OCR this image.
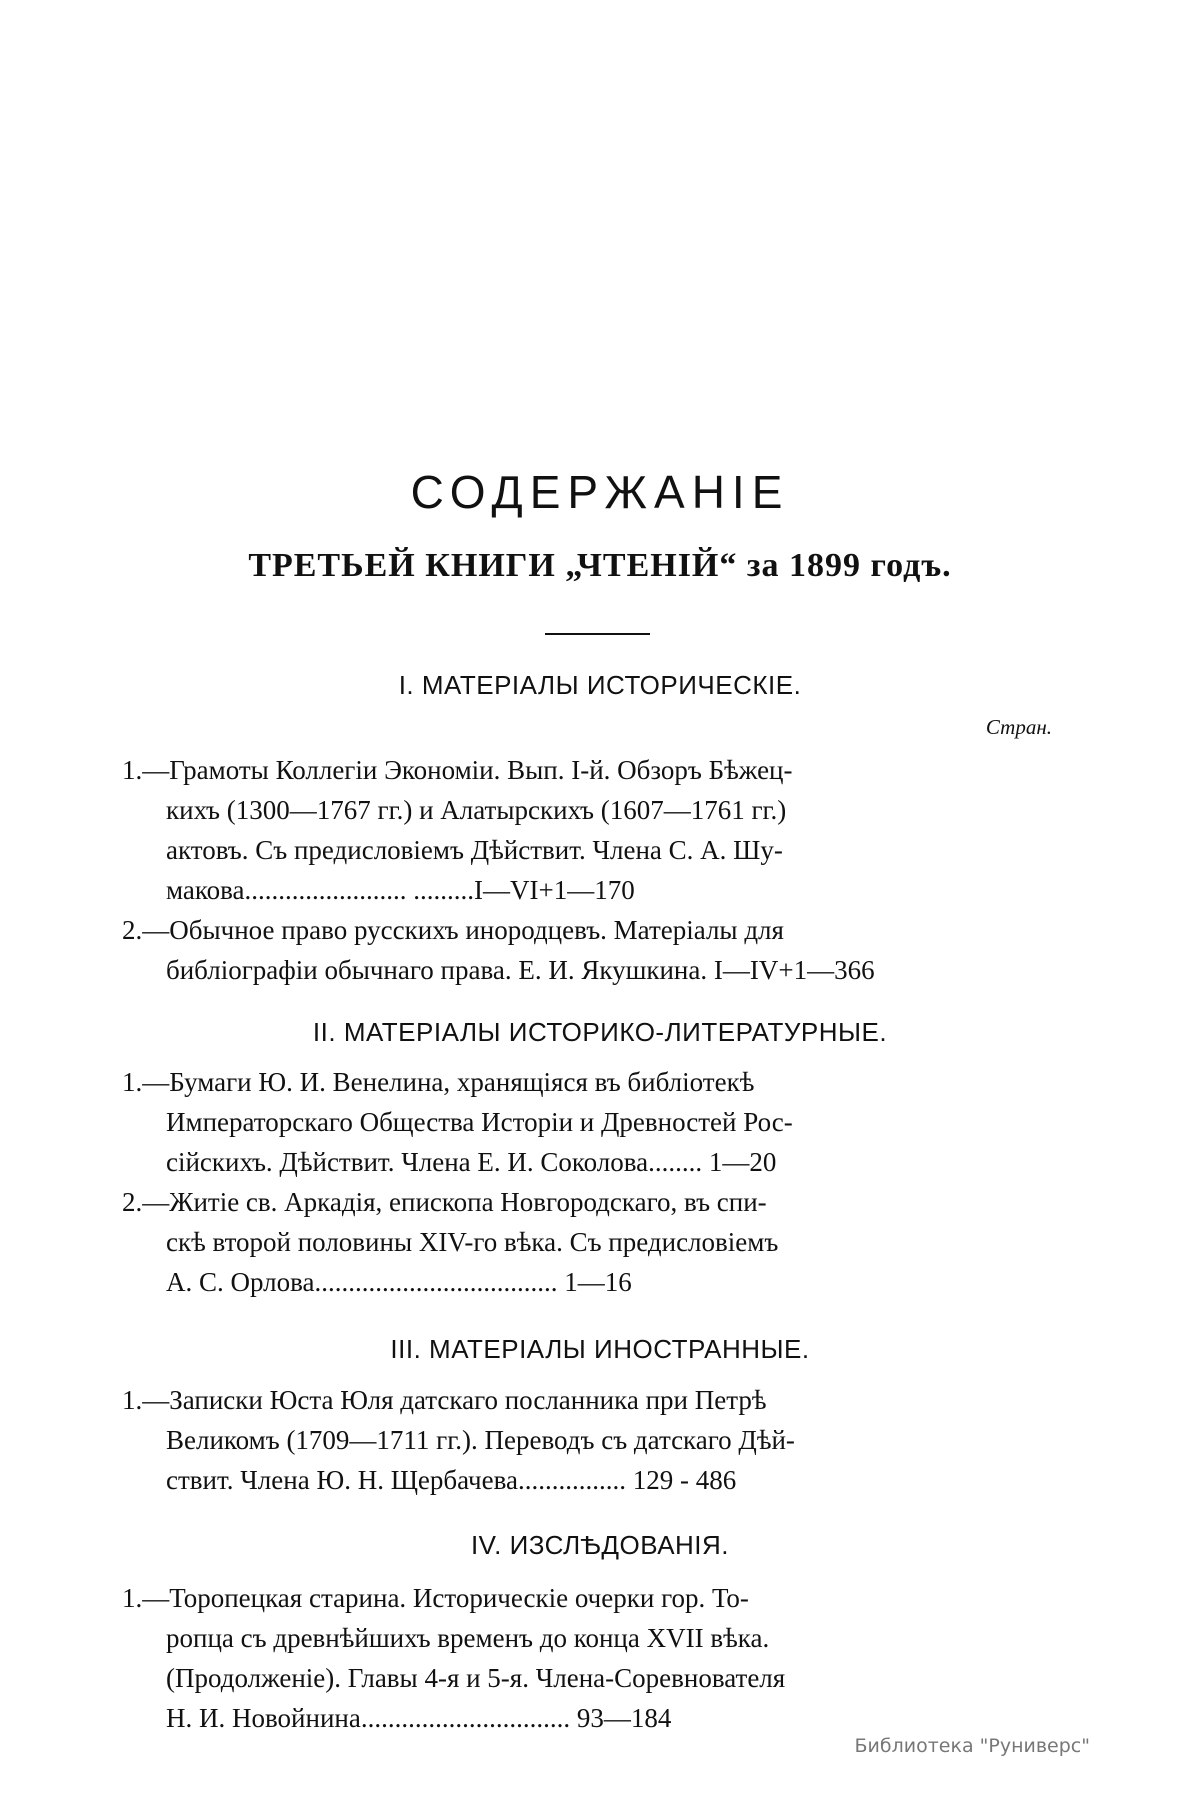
СОДЕРЖАНІЕ
ТРЕТЬЕЙ КНИГИ „ЧТЕНІЙ“ за 1899 годъ.
I. МАТЕРІАЛЫ ИСТОРИЧЕСКІЕ.
Стран.
1.—Грамоты Коллегіи Экономіи. Вып. I-й. Обзоръ Бѣжец-
кихъ (1300—1767 гг.) и Алатырскихъ (1607—1761 гг.)
актовъ. Съ предисловіемъ Дѣйствит. Члена С. А. Шу-
макова........................ .........I—VI+1—170
2.—Обычное право русскихъ инородцевъ. Матеріалы для
библіографіи обычнаго права. Е. И. Якушкина. I—IV+1—366
II. МАТЕРІАЛЫ ИСТОРИКО-ЛИТЕРАТУРНЫЕ.
1.—Бумаги Ю. И. Венелина, хранящіяся въ библіотекѣ
Императорскаго Общества Исторіи и Древностей Рос-
сійскихъ. Дѣйствит. Члена Е. И. Соколова........ 1—20
2.—Житіе св. Аркадія, епископа Новгородскаго, въ спи-
скѣ второй половины XIV-го вѣка. Съ предисловіемъ
А. С. Орлова.................................... 1—16
III. МАТЕРІАЛЫ ИНОСТРАННЫЕ.
1.—Записки Юста Юля датскаго посланника при Петрѣ
Великомъ (1709—1711 гг.). Переводъ съ датскаго Дѣй-
ствит. Члена Ю. Н. Щербачева................ 129 - 486
IV. ИЗСЛѢДОВАНІЯ.
1.—Торопецкая старина. Историческіе очерки гор. То-
ропца съ древнѣйшихъ временъ до конца XVII вѣка.
(Продолженіе). Главы 4-я и 5-я. Члена-Соревнователя
Н. И. Новойнина............................... 93—184
Библиотека "Руниверс"
